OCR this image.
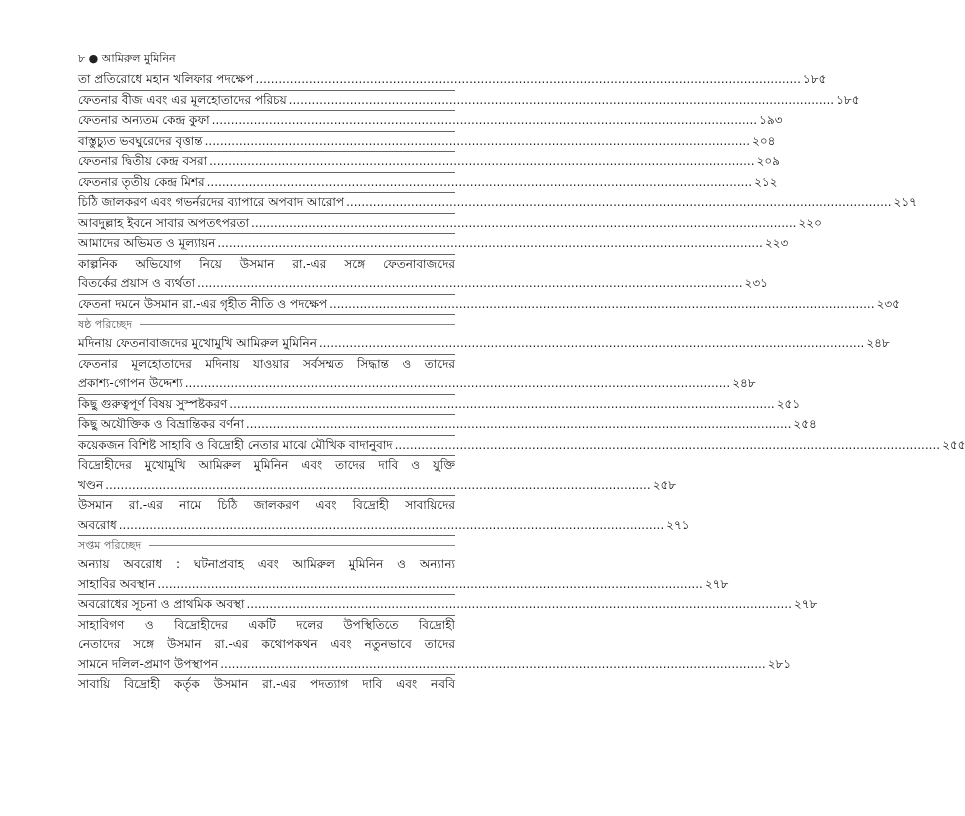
৮ ● আমিরুল মুমিনিন
তা প্রতিরোধে মহান খলিফার পদক্ষেপ ............................................................................................................................................... ১৮৫
ফেতনার বীজ এবং এর মূলহোতাদের পরিচয় ............................................................................................................................................... ১৮৫
ফেতনার অন্যতম কেন্দ্র কুফা ............................................................................................................................................... ১৯৩
বাস্তুচ্যুত ভবঘুরেদের বৃত্তান্ত ............................................................................................................................................... ২০৪
ফেতনার দ্বিতীয় কেন্দ্র বসরা ............................................................................................................................................... ২০৯
ফেতনার তৃতীয় কেন্দ্র মিশর ............................................................................................................................................... ২১২
চিঠি জালকরণ এবং গভর্নরদের ব্যাপারে অপবাদ আরোপ ............................................................................................................................................... ২১৭
আবদুল্লাহ ইবনে সাবার অপতৎপরতা ............................................................................................................................................... ২২০
আমাদের অভিমত ও মূল্যায়ন ............................................................................................................................................... ২২৩
কাল্পনিক অভিযোগ নিয়ে উসমান রা.-এর সঙ্গে ফেতনাবাজদের
বিতর্কের প্রয়াস ও ব্যর্থতা ............................................................................................................................................... ২৩১
ফেতনা দমনে উসমান রা.-এর গৃহীত নীতি ও পদক্ষেপ ............................................................................................................................................... ২৩৫
ষষ্ঠ পরিচ্ছেদ
মদিনায় ফেতনাবাজদের মুখোমুখি আমিরুল মুমিনিন ............................................................................................................................................... ২৪৮
ফেতনার মূলহোতাদের মদিনায় যাওয়ার সর্বসম্মত সিদ্ধান্ত ও তাদের
প্রকাশ্য-গোপন উদ্দেশ্য ............................................................................................................................................... ২৪৮
কিছু গুরুত্বপূর্ণ বিষয় সুস্পষ্টকরণ ............................................................................................................................................... ২৫১
কিছু অযৌক্তিক ও বিভ্রান্তিকর বর্ণনা ............................................................................................................................................... ২৫৪
কয়েকজন বিশিষ্ট সাহাবি ও বিদ্রোহী নেতার মাঝে মৌখিক বাদানুবাদ ............................................................................................................................................... ২৫৫
বিদ্রোহীদের মুখোমুখি আমিরুল মুমিনিন এবং তাদের দাবি ও যুক্তি
খণ্ডন ............................................................................................................................................... ২৫৮
উসমান রা.-এর নামে চিঠি জালকরণ এবং বিদ্রোহী সাবায়িদের
অবরোধ ............................................................................................................................................... ২৭১
সপ্তম পরিচ্ছেদ
অন্যায় অবরোধ : ঘটনাপ্রবাহ এবং আমিরুল মুমিনিন ও অন্যান্য
সাহাবির অবস্থান ............................................................................................................................................... ২৭৮
অবরোধের সূচনা ও প্রাথমিক অবস্থা ............................................................................................................................................... ২৭৮
সাহাবিগণ ও বিদ্রোহীদের একটি দলের উপস্থিতিতে বিদ্রোহী
নেতাদের সঙ্গে উসমান রা.-এর কথোপকথন এবং নতুনভাবে তাদের
সামনে দলিল-প্রমাণ উপস্থাপন ............................................................................................................................................... ২৮১
সাবায়ি বিদ্রোহী কর্তৃক উসমান রা.-এর পদত্যাগ দাবি এবং নববি
